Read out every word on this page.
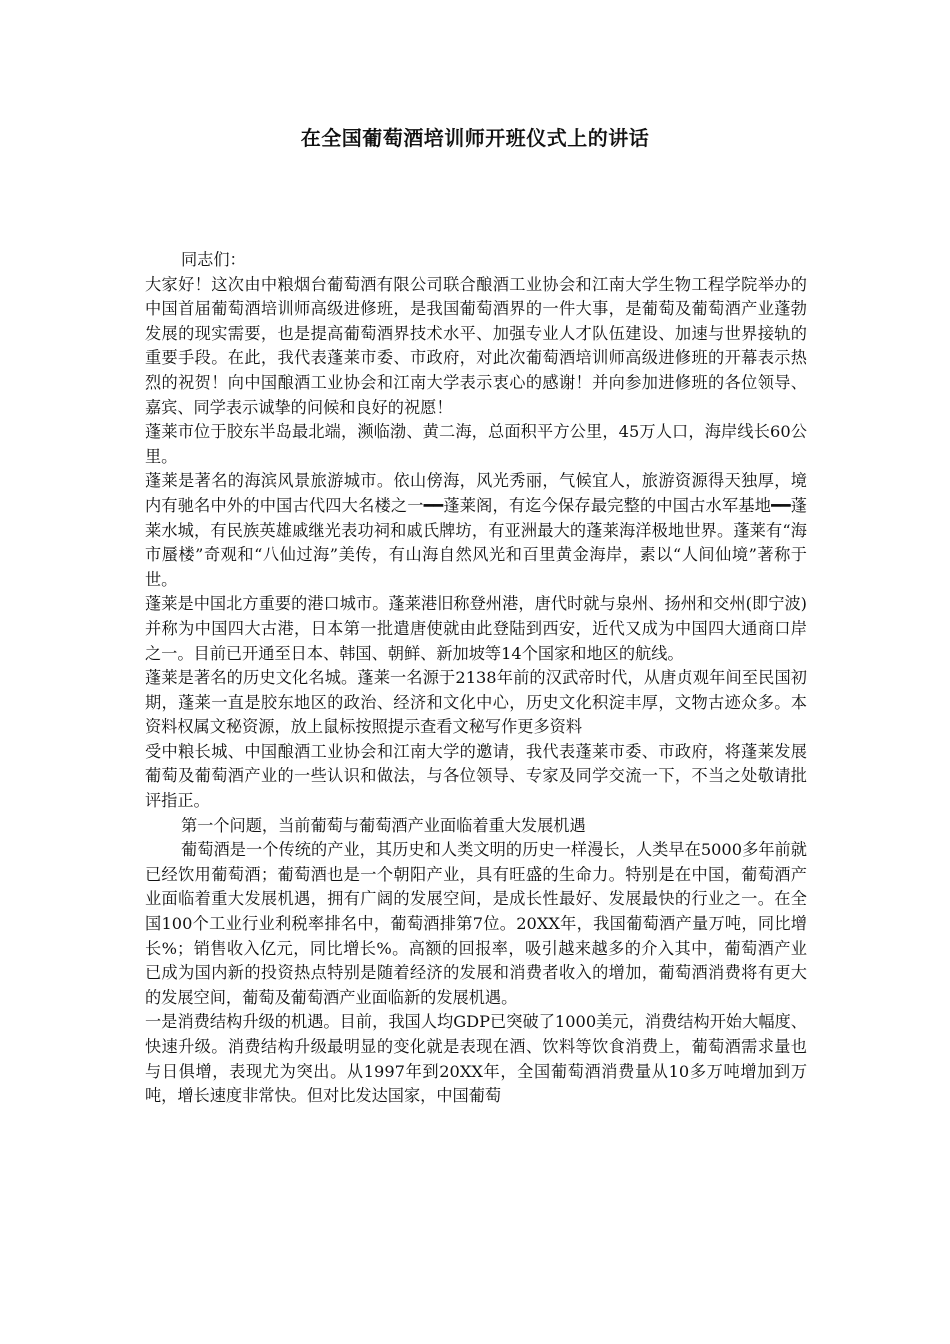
在全国葡萄酒培训师开班仪式上的讲话

同志们：

大家好！这次由中粮烟台葡萄酒有限公司联合酿酒工业协会和江南大学生物工程学院举办的中国首届葡萄酒培训师高级进修班，是我国葡萄酒界的一件大事，是葡萄及葡萄酒产业蓬勃发展的现实需要，也是提高葡萄酒界技术水平、加强专业人才队伍建设、加速与世界接轨的重要手段。在此，我代表蓬莱市委、市政府，对此次葡萄酒培训师高级进修班的开幕表示热烈的祝贺！向中国酿酒工业协会和江南大学表示衷心的感谢！并向参加进修班的各位领导、嘉宾、同学表示诚挚的问候和良好的祝愿！

蓬莱市位于胶东半岛最北端，濒临渤、黄二海，总面积平方公里，45万人口，海岸线长60公里。

蓬莱是著名的海滨风景旅游城市。依山傍海，风光秀丽，气候宜人，旅游资源得天独厚，境内有驰名中外的中国古代四大名楼之一━━蓬莱阁，有迄今保存最完整的中国古水军基地━━蓬莱水城，有民族英雄戚继光表功祠和戚氏牌坊，有亚洲最大的蓬莱海洋极地世界。蓬莱有“海市蜃楼”奇观和“八仙过海”美传，有山海自然风光和百里黄金海岸，素以“人间仙境”著称于世。

蓬莱是中国北方重要的港口城市。蓬莱港旧称登州港，唐代时就与泉州、扬州和交州(即宁波)并称为中国四大古港，日本第一批遣唐使就由此登陆到西安，近代又成为中国四大通商口岸之一。目前已开通至日本、韩国、朝鲜、新加坡等14个国家和地区的航线。

蓬莱是著名的历史文化名城。蓬莱一名源于2138年前的汉武帝时代，从唐贞观年间至民国初期，蓬莱一直是胶东地区的政治、经济和文化中心，历史文化积淀丰厚，文物古迹众多。本资料权属文秘资源，放上鼠标按照提示查看文秘写作更多资料

受中粮长城、中国酿酒工业协会和江南大学的邀请，我代表蓬莱市委、市政府，将蓬莱发展葡萄及葡萄酒产业的一些认识和做法，与各位领导、专家及同学交流一下，不当之处敬请批评指正。

第一个问题，当前葡萄与葡萄酒产业面临着重大发展机遇

葡萄酒是一个传统的产业，其历史和人类文明的历史一样漫长，人类早在5000多年前就已经饮用葡萄酒；葡萄酒也是一个朝阳产业，具有旺盛的生命力。特别是在中国，葡萄酒产业面临着重大发展机遇，拥有广阔的发展空间，是成长性最好、发展最快的行业之一。在全国100个工业行业利税率排名中，葡萄酒排第7位。20XX年，我国葡萄酒产量万吨，同比增长%；销售收入亿元，同比增长%。高额的回报率，吸引越来越多的介入其中，葡萄酒产业已成为国内新的投资热点特别是随着经济的发展和消费者收入的增加，葡萄酒消费将有更大的发展空间，葡萄及葡萄酒产业面临新的发展机遇。

一是消费结构升级的机遇。目前，我国人均GDP已突破了1000美元，消费结构开始大幅度、快速升级。消费结构升级最明显的变化就是表现在酒、饮料等饮食消费上，葡萄酒需求量也与日俱增，表现尤为突出。从1997年到20XX年，全国葡萄酒消费量从10多万吨增加到万吨，增长速度非常快。但对比发达国家，中国葡萄
